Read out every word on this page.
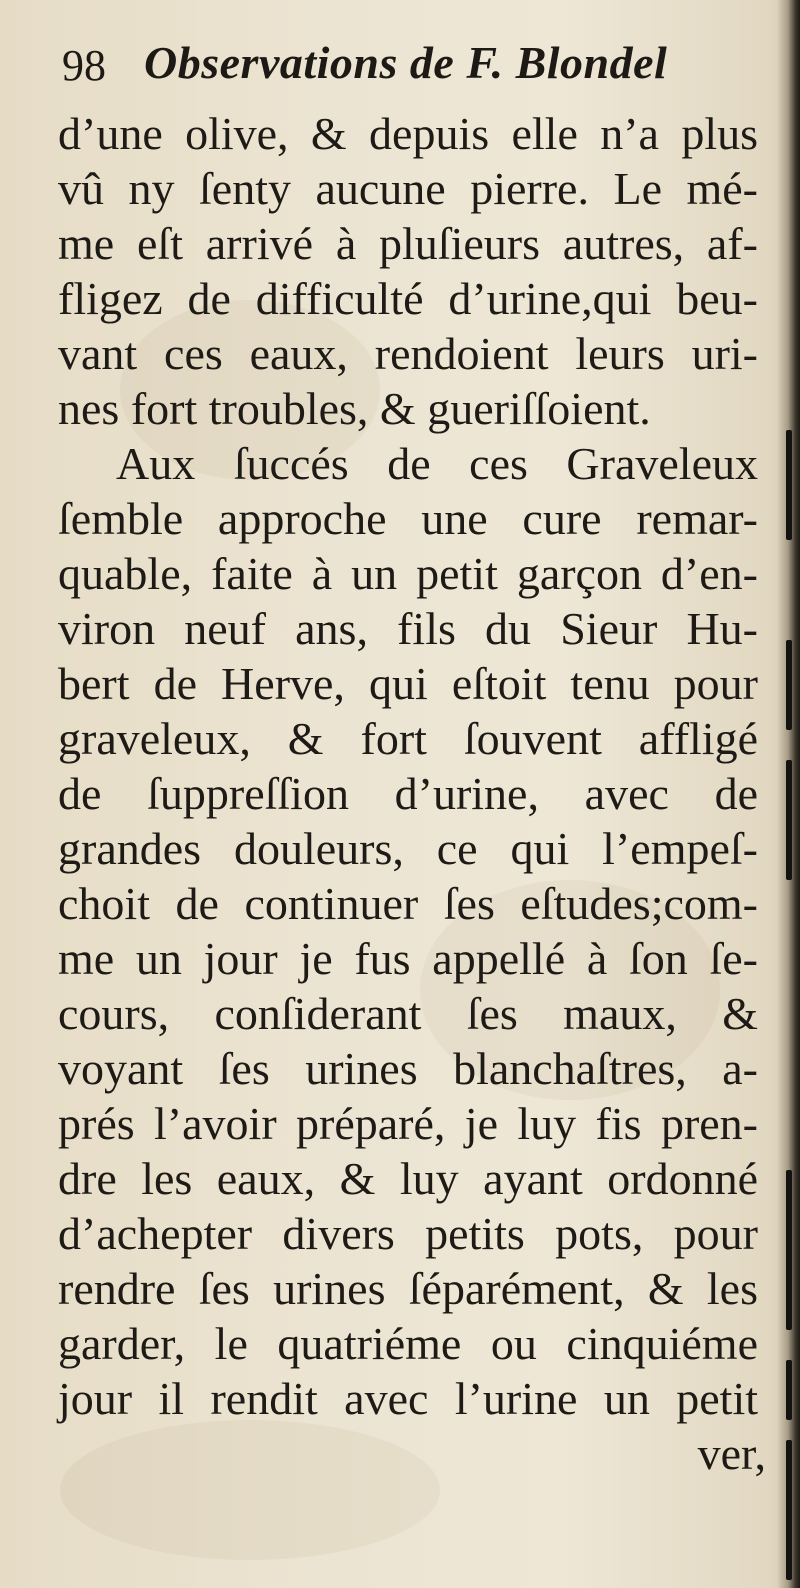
98 Observations de F. Blondel
d’une olive, & depuis elle n’a plus
vû ny ſenty aucune pierre. Le mé-
me eſt arrivé à pluſieurs autres, af-
fligez de difficulté d’urine,qui beu-
vant ces eaux, rendoient leurs uri-
nes fort troubles, & gueriſſoient.
Aux ſuccés de ces Graveleux
ſemble approche une cure remar-
quable, faite à un petit garçon d’en-
viron neuf ans, fils du Sieur Hu-
bert de Herve, qui eſtoit tenu pour
graveleux, & fort ſouvent affligé
de ſuppreſſion d’urine, avec de
grandes douleurs, ce qui l’empeſ-
choit de continuer ſes eſtudes;com-
me un jour je fus appellé à ſon ſe-
cours, conſiderant ſes maux, &
voyant ſes urines blanchaſtres, a-
prés l’avoir préparé, je luy fis pren-
dre les eaux, & luy ayant ordonné
d’achepter divers petits pots, pour
rendre ſes urines ſéparément, & les
garder, le quatriéme ou cinquiéme
jour il rendit avec l’urine un petit
ver,
